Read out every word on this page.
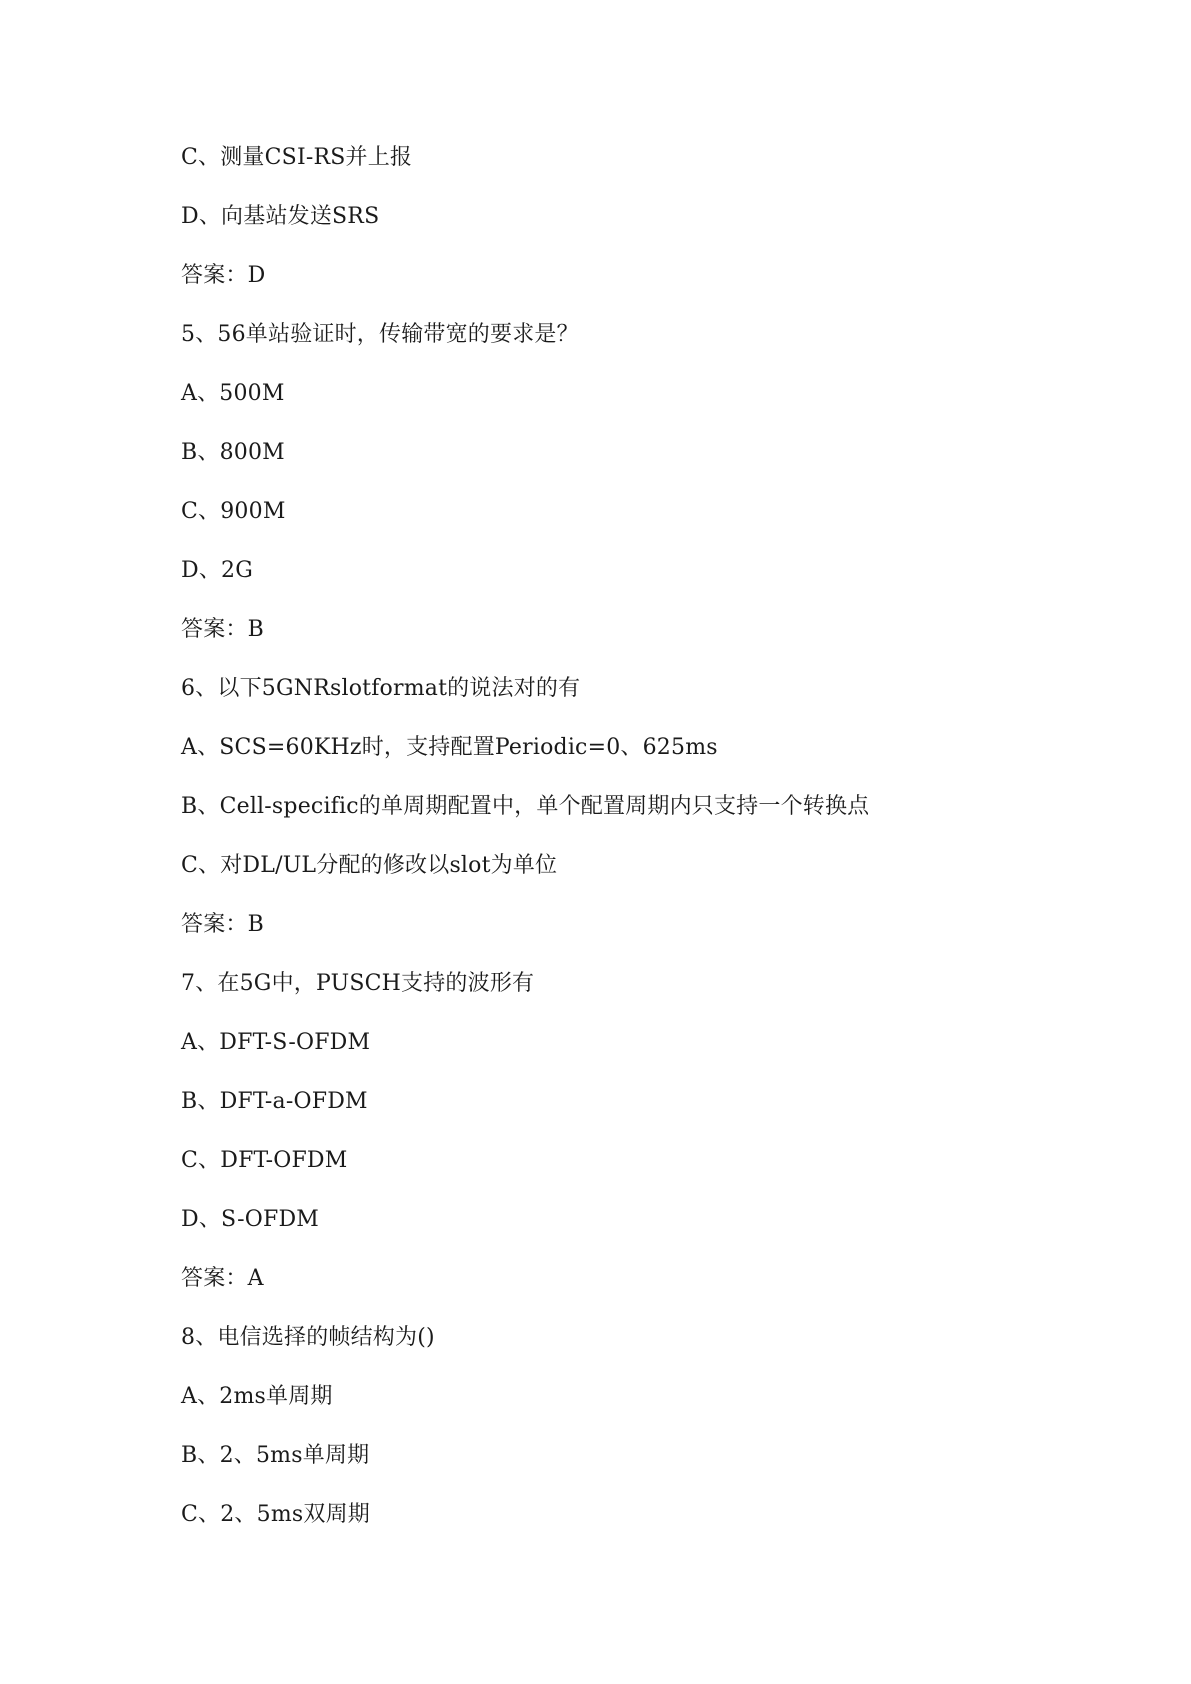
C、测量CSI-RS并上报
D、向基站发送SRS
答案：D
5、56单站验证时，传输带宽的要求是？
A、500M
B、800M
C、900M
D、2G
答案：B
6、以下5GNRslotformat的说法对的有
A、SCS=60KHz时，支持配置Periodic=0、625ms
B、Cell-specific的单周期配置中，单个配置周期内只支持一个转换点
C、对DL/UL分配的修改以slot为单位
答案：B
7、在5G中，PUSCH支持的波形有
A、DFT-S-OFDM
B、DFT-a-OFDM
C、DFT-OFDM
D、S-OFDM
答案：A
8、电信选择的帧结构为()
A、2ms单周期
B、2、5ms单周期
C、2、5ms双周期
